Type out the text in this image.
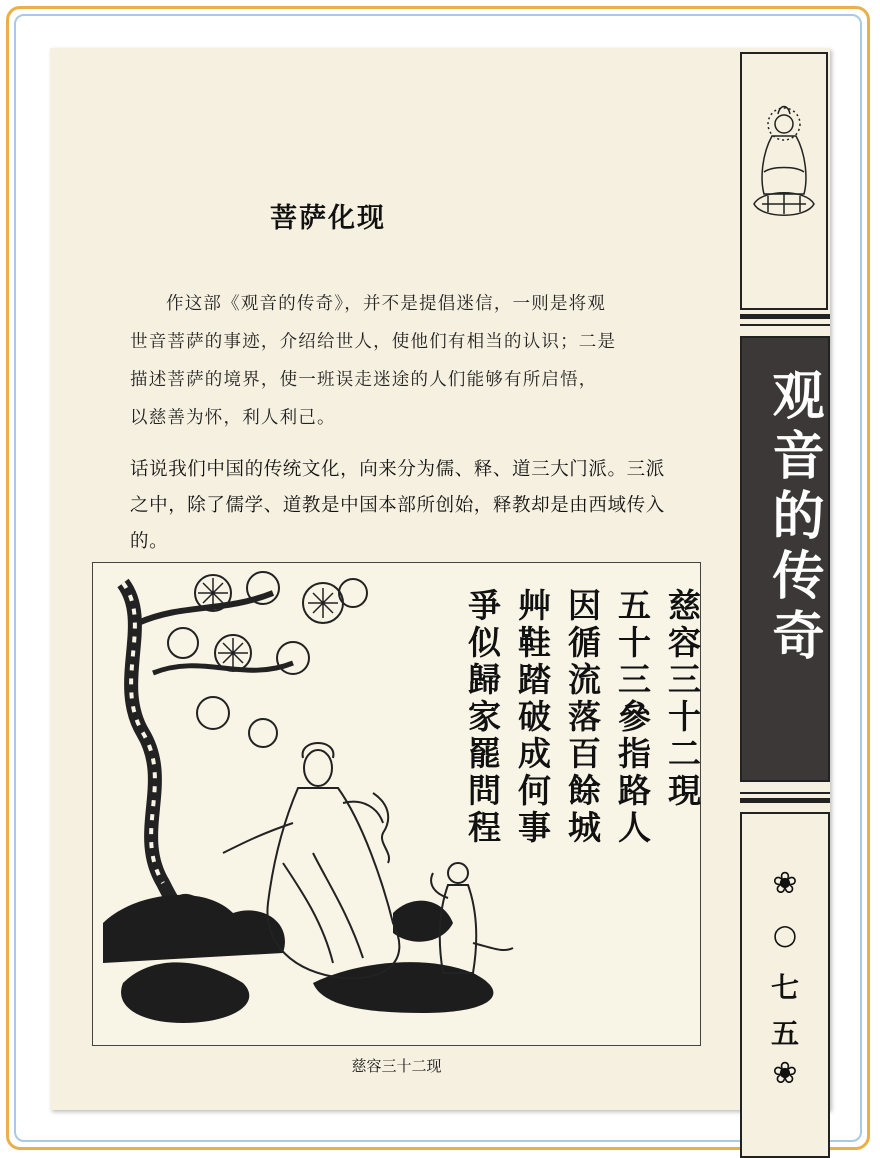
菩萨化现

作这部《观音的传奇》，并不是提倡迷信，一则是将观

世音菩萨的事迹，介绍给世人，使他们有相当的认识；二是

描述菩萨的境界，使一班误走迷途的人们能够有所启悟，

以慈善为怀，利人利己。

话说我们中国的传统文化，向来分为儒、释、道三大门派。三派

之中，除了儒学、道教是中国本部所创始，释教却是由西域传入的。

慈容三十二現
五十三參指路人
因循流落百餘城
艸鞋踏破成何事
爭似歸家罷問程
慈容三十二现
观音的传奇
❀
○
七
五
❀
